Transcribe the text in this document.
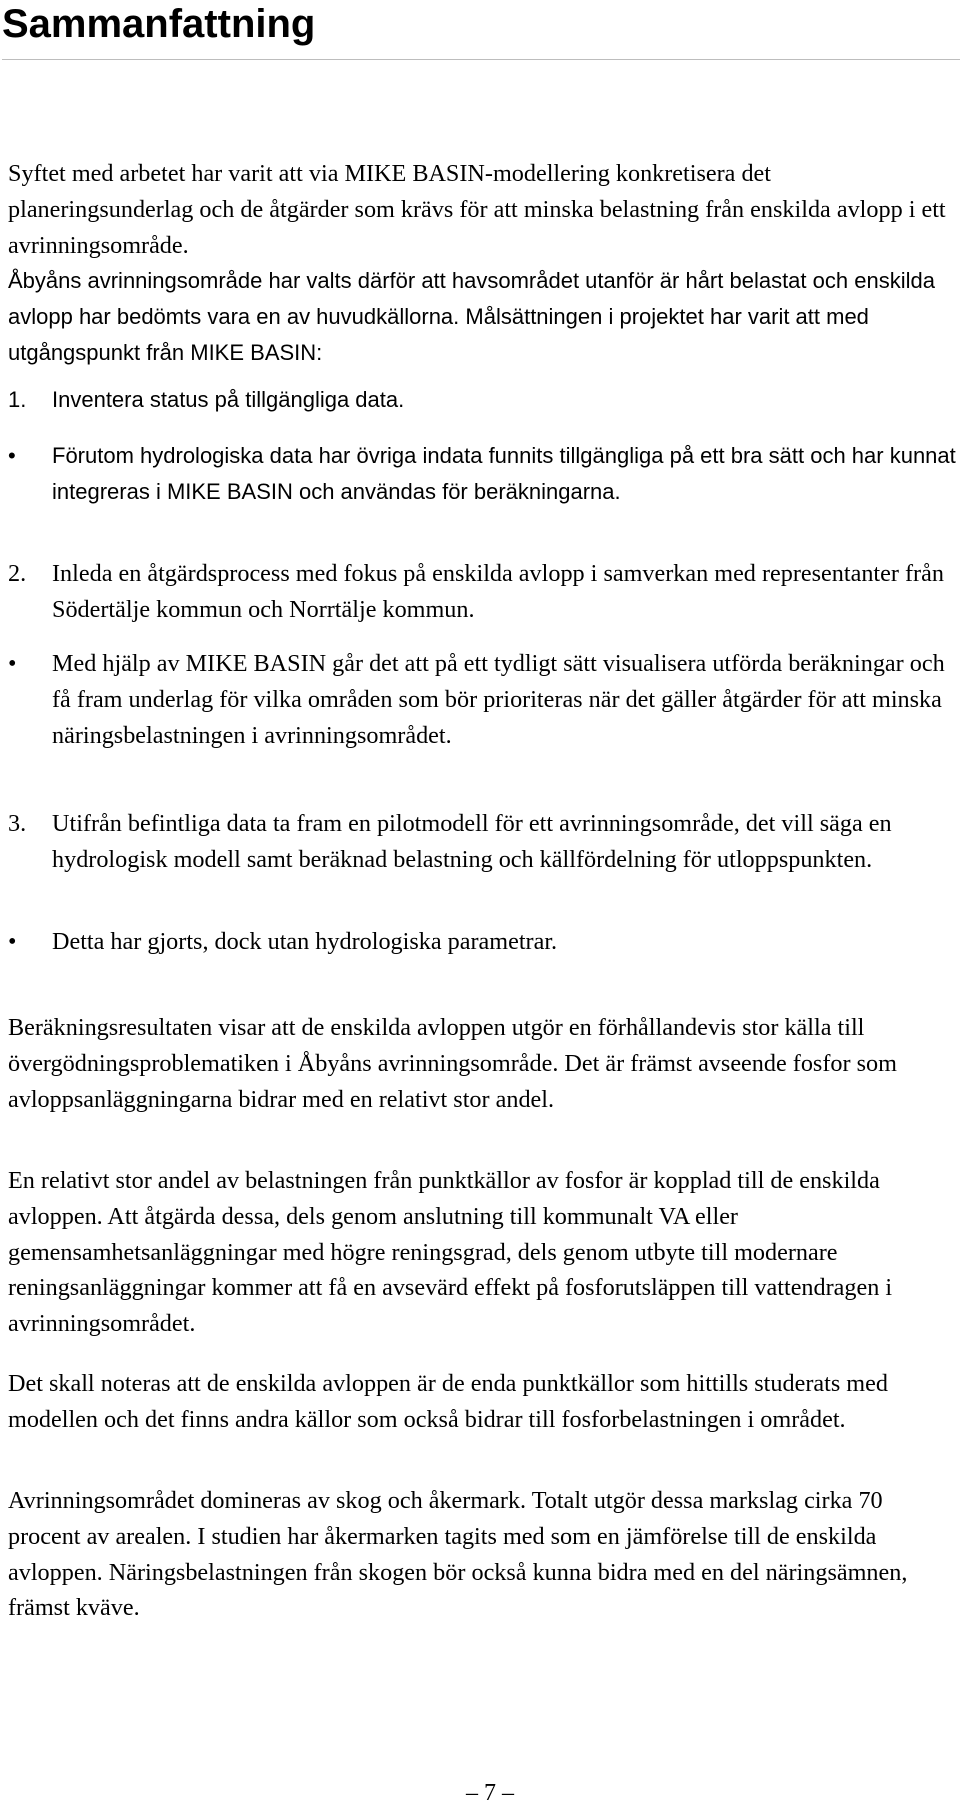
Sammanfattning

Syftet med arbetet har varit att via MIKE BASIN-modellering konkretisera det planeringsunderlag och de åtgärder som krävs för att minska belastning från enskilda avlopp i ett avrinningsområde.

Åbyåns avrinningsområde har valts därför att havsområdet utanför är hårt belastat och enskilda avlopp har bedömts vara en av huvudkällorna. Målsättningen i projektet har varit att med utgångspunkt från MIKE BASIN:

1.	Inventera status på tillgängliga data.

•	Förutom hydrologiska data har övriga indata funnits tillgängliga på ett bra sätt och har kunnat integreras i MIKE BASIN och användas för beräkningarna.

2.	Inleda en åtgärdsprocess med fokus på enskilda avlopp i samverkan med representanter från Södertälje kommun och Norrtälje kommun.

•	Med hjälp av MIKE BASIN går det att på ett tydligt sätt visualisera utförda beräkningar och få fram underlag för vilka områden som bör prioriteras när det gäller åtgärder för att minska näringsbelastningen i avrinningsområdet.

3.	Utifrån befintliga data ta fram en pilotmodell för ett avrinningsområde, det vill säga en hydrologisk modell samt beräknad belastning och källfördelning för utloppspunkten.

•	Detta har gjorts, dock utan hydrologiska parametrar.

Beräkningsresultaten visar att de enskilda avloppen utgör en förhållandevis stor källa till övergödningsproblematiken i Åbyåns avrinningsområde. Det är främst avseende fosfor som avloppsanläggningarna bidrar med en relativt stor andel.

En relativt stor andel av belastningen från punktkällor av fosfor är kopplad till de enskilda avloppen. Att åtgärda dessa, dels genom anslutning till kommunalt VA eller gemensamhetsanläggningar med högre reningsgrad, dels genom utbyte till modernare reningsanläggningar kommer att få en avsevärd effekt på fosforutsläppen till vattendragen i avrinningsområdet.

Det skall noteras att de enskilda avloppen är de enda punktkällor som hittills studerats med modellen och det finns andra källor som också bidrar till fosforbelastningen i området.

Avrinningsområdet domineras av skog och åkermark. Totalt utgör dessa markslag cirka 70 procent av arealen. I studien har åkermarken tagits med som en jämförelse till de enskilda avloppen. Näringsbelastningen från skogen bör också kunna bidra med en del näringsämnen, främst kväve.

– 7 –
